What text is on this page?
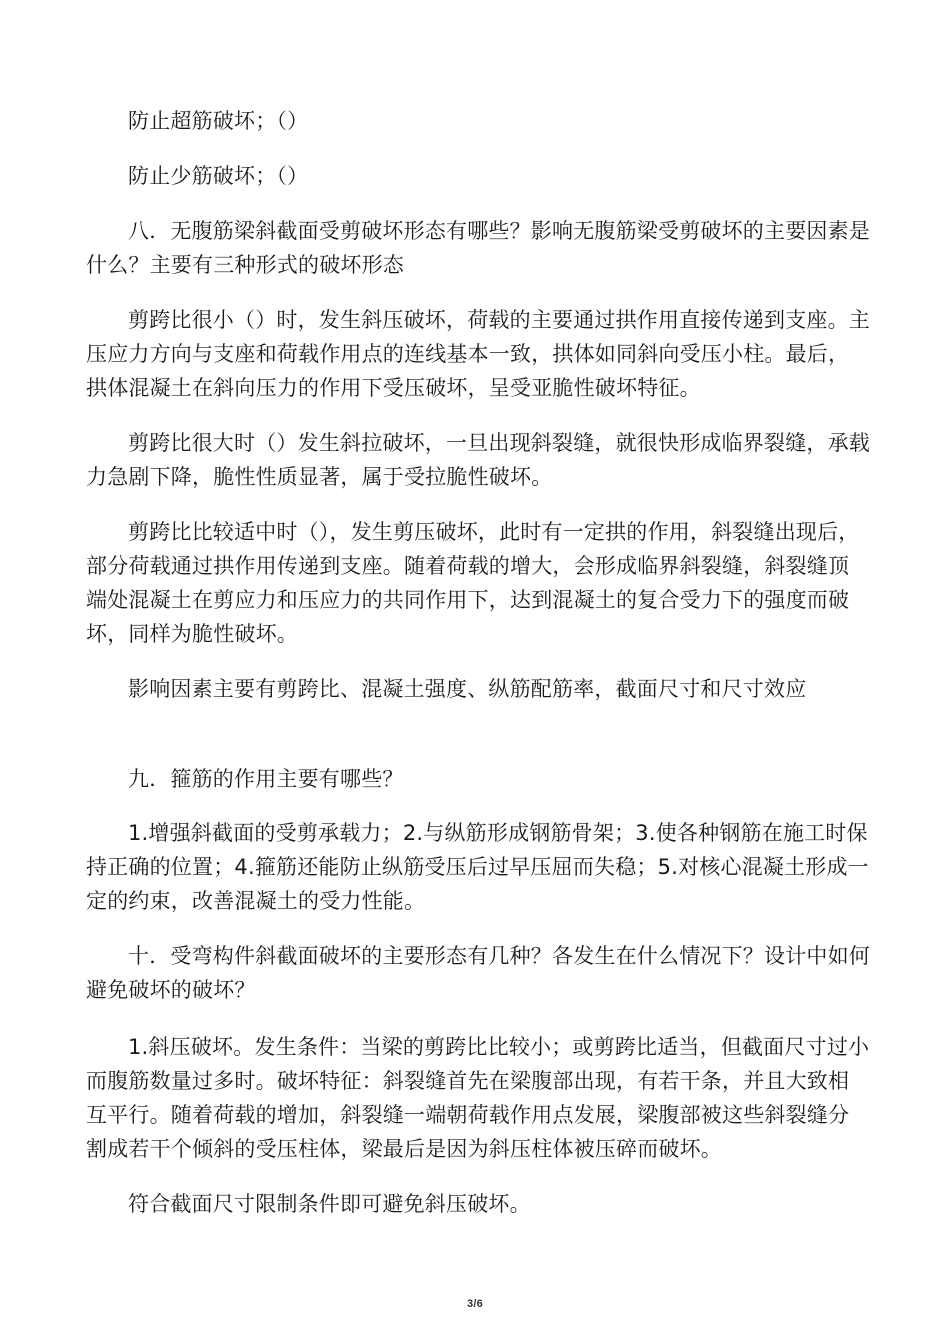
防止超筋破坏；（）

防止少筋破坏；（）

八．无腹筋梁斜截面受剪破坏形态有哪些？影响无腹筋梁受剪破坏的主要因素是什么？主要有三种形式的破坏形态

剪跨比很小（）时，发生斜压破坏，荷载的主要通过拱作用直接传递到支座。主压应力方向与支座和荷载作用点的连线基本一致，拱体如同斜向受压小柱。最后，拱体混凝土在斜向压力的作用下受压破坏，呈受亚脆性破坏特征。

剪跨比很大时（）发生斜拉破坏，一旦出现斜裂缝，就很快形成临界裂缝，承载力急剧下降，脆性性质显著，属于受拉脆性破坏。

剪跨比比较适中时（），发生剪压破坏，此时有一定拱的作用，斜裂缝出现后，部分荷载通过拱作用传递到支座。随着荷载的增大，会形成临界斜裂缝，斜裂缝顶端处混凝土在剪应力和压应力的共同作用下，达到混凝土的复合受力下的强度而破坏，同样为脆性破坏。

影响因素主要有剪跨比、混凝土强度、纵筋配筋率，截面尺寸和尺寸效应

九．箍筋的作用主要有哪些？

1.增强斜截面的受剪承载力；2.与纵筋形成钢筋骨架；3.使各种钢筋在施工时保持正确的位置；4.箍筋还能防止纵筋受压后过早压屈而失稳；5.对核心混凝土形成一定的约束，改善混凝土的受力性能。

十．受弯构件斜截面破坏的主要形态有几种？各发生在什么情况下？设计中如何避免破坏的破坏？

1.斜压破坏。发生条件：当梁的剪跨比比较小；或剪跨比适当，但截面尺寸过小而腹筋数量过多时。破坏特征：斜裂缝首先在梁腹部出现，有若干条，并且大致相互平行。随着荷载的增加，斜裂缝一端朝荷载作用点发展，梁腹部被这些斜裂缝分割成若干个倾斜的受压柱体，梁最后是因为斜压柱体被压碎而破坏。

符合截面尺寸限制条件即可避免斜压破坏。

3/6
